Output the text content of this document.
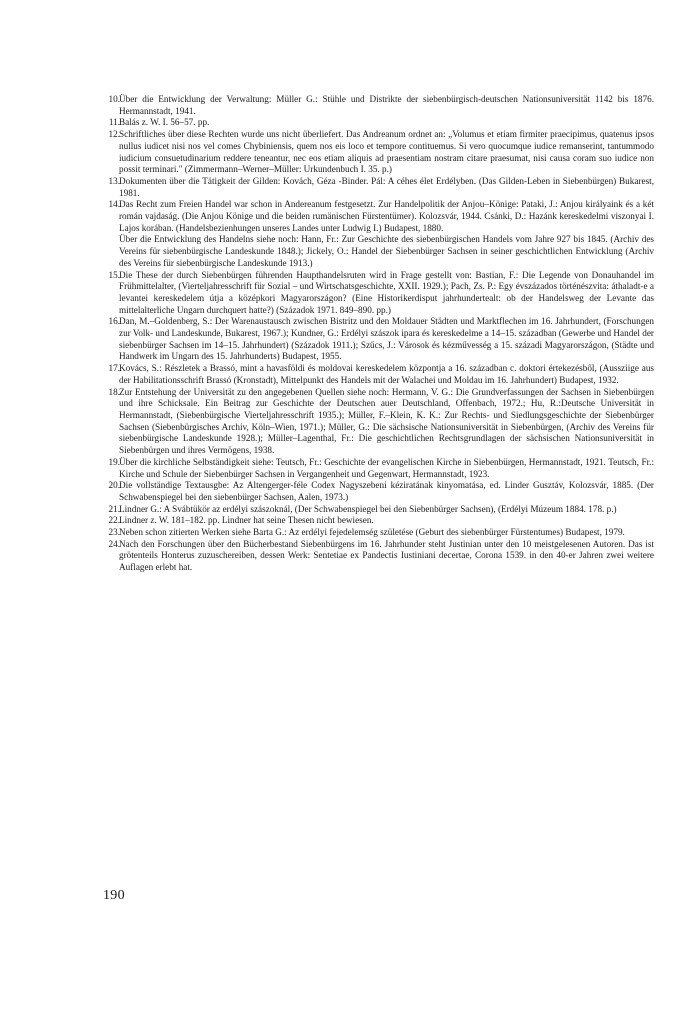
10. Über die Entwicklung der Verwaltung: Müller G.: Stühle und Distrikte der siebenbürgisch-deutschen Nationsuniversität 1142 bis 1876. Hermannstadt, 1941.
11. Balás z. W. I. 56–57. pp.
12. Schriftliches über diese Rechten wurde uns nicht überliefert. Das Andreanum ordnet an: „Volumus et etiam firmiter praecipimus, quatenus ipsos nullus iudicet nisi nos vel comes Chybiniensis, quem nos eis loco et tempore contituemus. Si vero quocumque iudice remanserint, tantummodo iudicium consuetudinarium reddere teneantur, nec eos etiam aliquis ad praesentiam nostram citare praesumat, nisi causa coram suo iudice non possit terminari." (Zimmermann–Werner–Müller: Urkundenbuch I. 35. p.)
13. Dokumenten über die Tätigkeit der Gilden: Kovách, Géza -Binder. Pál: A céhes élet Erdélyben. (Das Gilden-Leben in Siebenbürgen) Bukarest, 1981.
14. Das Recht zum Freien Handel war schon in Andereanum festgesetzt. Zur Handelpolitik der Anjou–Könige: Pataki, J.: Anjou királyaink és a két román vajdaság. (Die Anjou Könige und die beiden rumänischen Fürstentümer). Kolozsvár, 1944. Csánki, D.: Hazánk kereskedelmi viszonyai I. Lajos korában. (Handelsbezienhungen unseres Landes unter Ludwig I.) Budapest, 1880.
Über die Entwicklung des Handelns siehe noch: Hann, Fr.: Zur Geschichte des siebenbürgischen Handels vom Jahre 927 bis 1845. (Archiv des Vereins für siebenbürgische Landeskunde 1848.); Jickely, O.: Handel der Siebenbürger Sachsen in seiner geschichtlichen Entwicklung (Archiv des Vereins für siebenbürgische Landeskunde 1913.)
15. Die These der durch Siebenbürgen führenden Haupthandelsruten wird in Frage gestellt von: Bastian, F.: Die Legende von Donauhandel im Frühmittelalter, (Vierteljahresschrift für Sozial – und Wirtschatsgeschichte, XXII. 1929.); Pach, Zs. P.: Egy évszázados történészvita: áthaladt-e a levantei kereskedelem útja a középkori Magyarországon? (Eine Historikerdisput jahrhundertealt: ob der Handelsweg der Levante das mittelalterliche Ungarn durchquert hatte?) (Századok 1971. 849–890. pp.)
16. Dan, M.–Goldenberg, S.: Der Warenaustausch zwischen Bistritz und den Moldauer Städten und Marktflechen im 16. Jahrhundert, (Forschungen zur Volk- und Landeskunde, Bukarest, 1967.); Kundner, G.: Erdélyi szászok ipara és kereskedelme a 14–15. században (Gewerbe und Handel der siebenbürger Sachsen im 14–15. Jahrhundert) (Századok 1911.); Szűcs, J.: Városok és kézművesség a 15. századi Magyarországon, (Städte und Handwerk im Ungarn des 15. Jahrhunderts) Budapest, 1955.
17. Kovács, S.: Részletek a Brassó, mint a havasföldi és moldovai kereskedelem központja a 16. században c. doktori értekezésből, (Aussziige aus der Habilitationsschrift Brassó (Kronstadt), Mittelpunkt des Handels mit der Walachei und Moldau im 16. Jahrhundert) Budapest, 1932.
18. Zur Entstehung der Universität zu den angegebenen Quellen siehe noch: Hermann, V. G.: Die Grundverfassungen der Sachsen in Siebenbürgen und ihre Schicksale. Ein Beitrag zur Geschichte der Deutschen auer Deutschland, Offenbach, 1972.; Hu, R.:Deutsche Universität in Hermannstadt, (Siebenbürgische Vierteljahresschrift 1935.); Müller, F.–Klein, K. K.: Zur Rechts- und Siedlungsgeschichte der Siebenbürger Sachsen (Siebenbürgisches Archiv, Köln–Wien, 1971.); Müller, G.: Die sächsische Nationsuniversität in Siebenbürgen, (Archiv des Vereins für siebenbürgische Landeskunde 1928.); Müller–Lagenthal, Fr.: Die geschichtlichen Rechtsgrundlagen der sächsischen Nationsuniversität in Siebenbürgen und ihres Vermögens, 1938.
19. Über die kirchliche Selbständigkeit siehe: Teutsch, Fr.: Geschichte der evangelischen Kirche in Siebenbürgen, Hermannstadt, 1921. Teutsch, Fr.: Kirche und Schule der Siebenbürger Sachsen in Vergangenheit und Gegenwart, Hermannstadt, 1923.
20. Die vollständige Textausgbe: Az Altengerger-féle Codex Nagyszebeni kéziratának kinyomatása, ed. Linder Gusztáv, Kolozsvár, 1885. (Der Schwabenspiegel bei den siebenbürger Sachsen, Aalen, 1973.)
21. Lindner G.: A Svábtükör az erdélyi szászoknál, (Der Schwabenspiegel bei den Siebenbürger Sachsen), (Erdélyi Múzeum 1884. 178. p.)
22. Lindner z. W. 181–182. pp. Lindner hat seine Thesen nicht bewiesen.
23. Neben schon zitierten Werken siehe Barta G.: Az erdélyi fejedelemség születése (Geburt des siebenbürger Fürstentumes) Budapest, 1979.
24. Nach den Forschungen über den Bücherbestand Siebenbürgens im 16. Jahrhunder steht Justinian unter den 10 meistgelesenen Autoren. Das ist grötenteils Honterus zuzuschereiben, dessen Werk: Sentetiae ex Pandectis Iustiniani decertae, Corona 1539. in den 40-er Jahren zwei weitere Auflagen erlebt hat.
190
